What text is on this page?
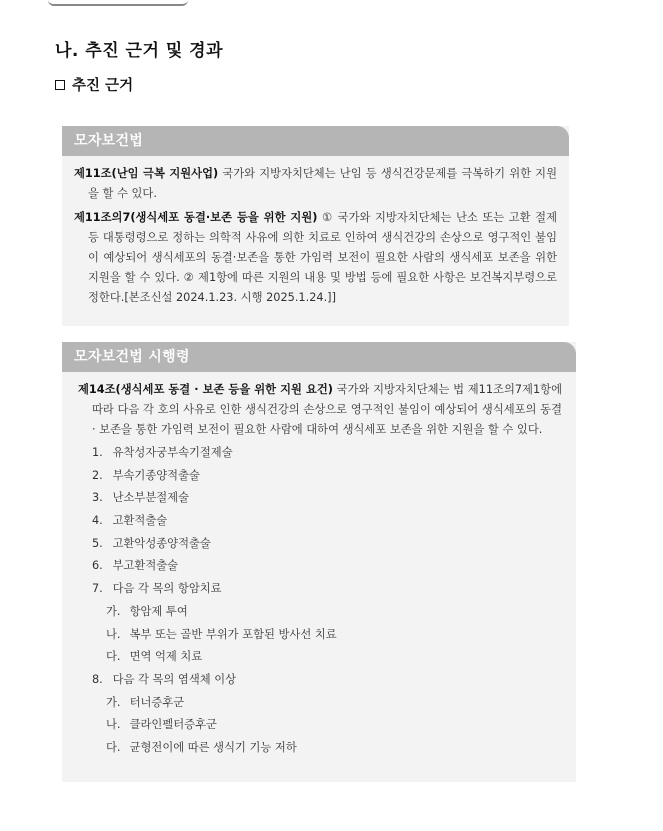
나. 추진 근거 및 경과
추진 근거
모자보건법

제11조(난임 극복 지원사업) 국가와 지방자치단체는 난임 등 생식건강문제를 극복하기 위한 지원을 할 수 있다.

제11조의7(생식세포 동결·보존 등을 위한 지원) ① 국가와 지방자치단체는 난소 또는 고환 절제 등 대통령령으로 정하는 의학적 사유에 의한 치료로 인하여 생식건강의 손상으로 영구적인 불임이 예상되어 생식세포의 동결·보존을 통한 가임력 보전이 필요한 사람의 생식세포 보존을 위한 지원을 할 수 있다. ② 제1항에 따른 지원의 내용 및 방법 등에 필요한 사항은 보건복지부령으로 정한다.[본조신설 2024.1.23. 시행 2025.1.24.]]

모자보건법 시행령

제14조(생식세포 동결 · 보존 등을 위한 지원 요건) 국가와 지방자치단체는 법 제11조의7제1항에 따라 다음 각 호의 사유로 인한 생식건강의 손상으로 영구적인 불임이 예상되어 생식세포의 동결 · 보존을 통한 가임력 보전이 필요한 사람에 대하여 생식세포 보존을 위한 지원을 할 수 있다.

1. 유착성자궁부속기절제술
2. 부속기종양적출술
3. 난소부분절제술
4. 고환적출술
5. 고환악성종양적출술
6. 부고환적출술
7. 다음 각 목의 항암치료
가. 항암제 투여
나. 복부 또는 골반 부위가 포함된 방사선 치료
다. 면역 억제 치료
8. 다음 각 목의 염색체 이상
가. 터너증후군
나. 클라인펠터증후군
다. 균형전이에 따른 생식기 기능 저하
